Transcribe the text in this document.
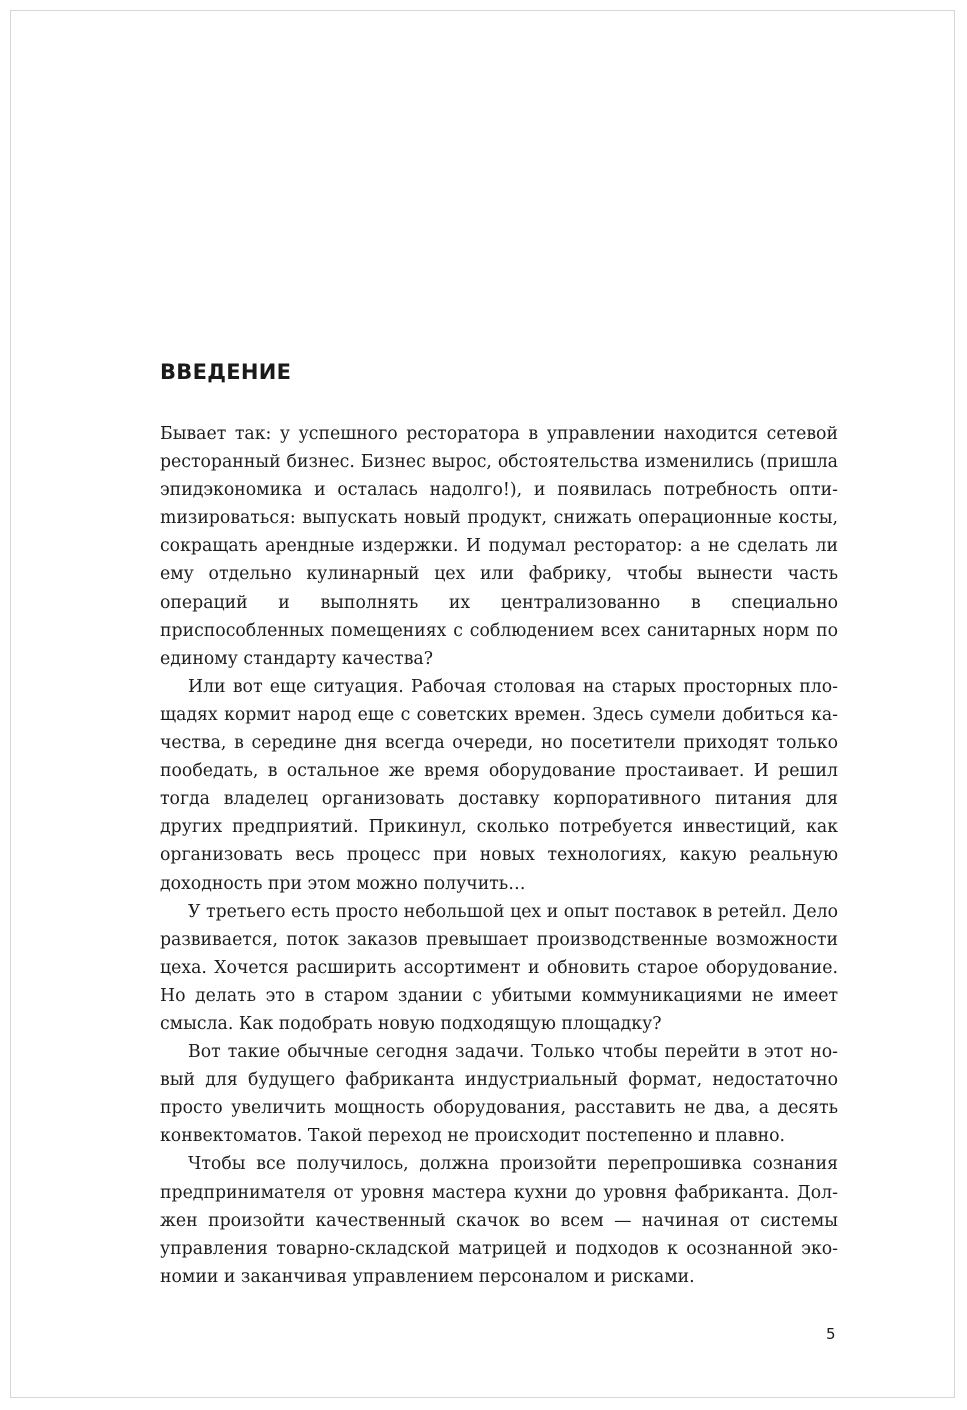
ВВЕДЕНИЕ

Бывает так: у успешного ресторатора в управлении находится сетевой ресторанный бизнес. Бизнес вырос, обстоятельства изменились (пришла эпидэкономика и осталась надолго!), и появилась потребность оптиmизироваться: выпускать новый продукт, снижать операционные косты, сокращать арендные издержки. И подумал ресторатор: а не сделать ли ему отдельно кулинарный цех или фабрику, чтобы вынести часть операций и выполнять их централизованно в специально приспособленных помещениях с соблюдением всех санитарных норм по единому стандарту качества?

Или вот еще ситуация. Рабочая столовая на старых просторных площадях кормит народ еще с советских времен. Здесь сумели добиться качества, в середине дня всегда очереди, но посетители приходят только пообедать, в остальное же время оборудование простаивает. И решил тогда владелец организовать доставку корпоративного питания для других предприятий. Прикинул, сколько потребуется инвестиций, как организовать весь процесс при новых технологиях, какую реальную доходность при этом можно получить…

У третьего есть просто небольшой цех и опыт поставок в ретейл. Дело развивается, поток заказов превышает производственные возможности цеха. Хочется расширить ассортимент и обновить старое оборудование. Но делать это в старом здании с убитыми коммуникациями не имеет смысла. Как подобрать новую подходящую площадку?

Вот такие обычные сегодня задачи. Только чтобы перейти в этот новый для будущего фабриканта индустриальный формат, недостаточно просто увеличить мощность оборудования, расставить не два, а десять конвектоматов. Такой переход не происходит постепенно и плавно.

Чтобы все получилось, должна произойти перепрошивка сознания предпринимателя от уровня мастера кухни до уровня фабриканта. Должен произойти качественный скачок во всем — начиная от системы управления товарно-складской матрицей и подходов к осознанной экономии и заканчивая управлением персоналом и рисками.

5
